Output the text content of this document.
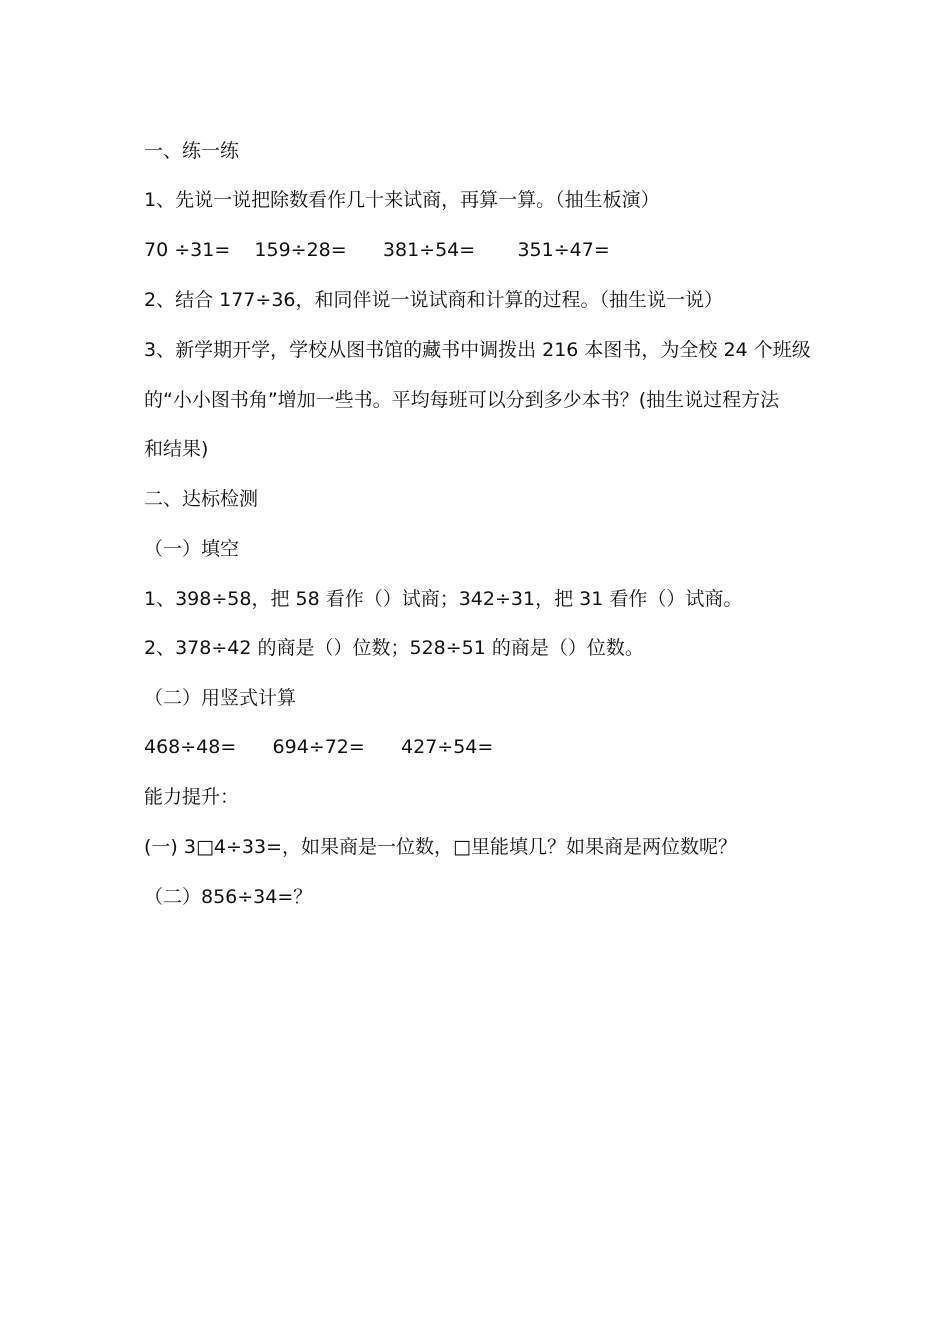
一、练一练
1、先说一说把除数看作几十来试商，再算一算。（抽生板演）
70 ÷31=    159÷28=      381÷54=       351÷47=
2、结合 177÷36，和同伴说一说试商和计算的过程。（抽生说一说）
3、新学期开学，学校从图书馆的藏书中调拨出 216 本图书，为全校 24 个班级
的“小小图书角”增加一些书。平均每班可以分到多少本书？(抽生说过程方法
和结果)
二、达标检测
（一）填空
1、398÷58，把 58 看作（）试商；342÷31，把 31 看作（）试商。
2、378÷42 的商是（）位数；528÷51 的商是（）位数。
（二）用竖式计算
468÷48=      694÷72=      427÷54=
能力提升：
(一) 3□4÷33=，如果商是一位数，□里能填几？如果商是两位数呢？
（二）856÷34=？
